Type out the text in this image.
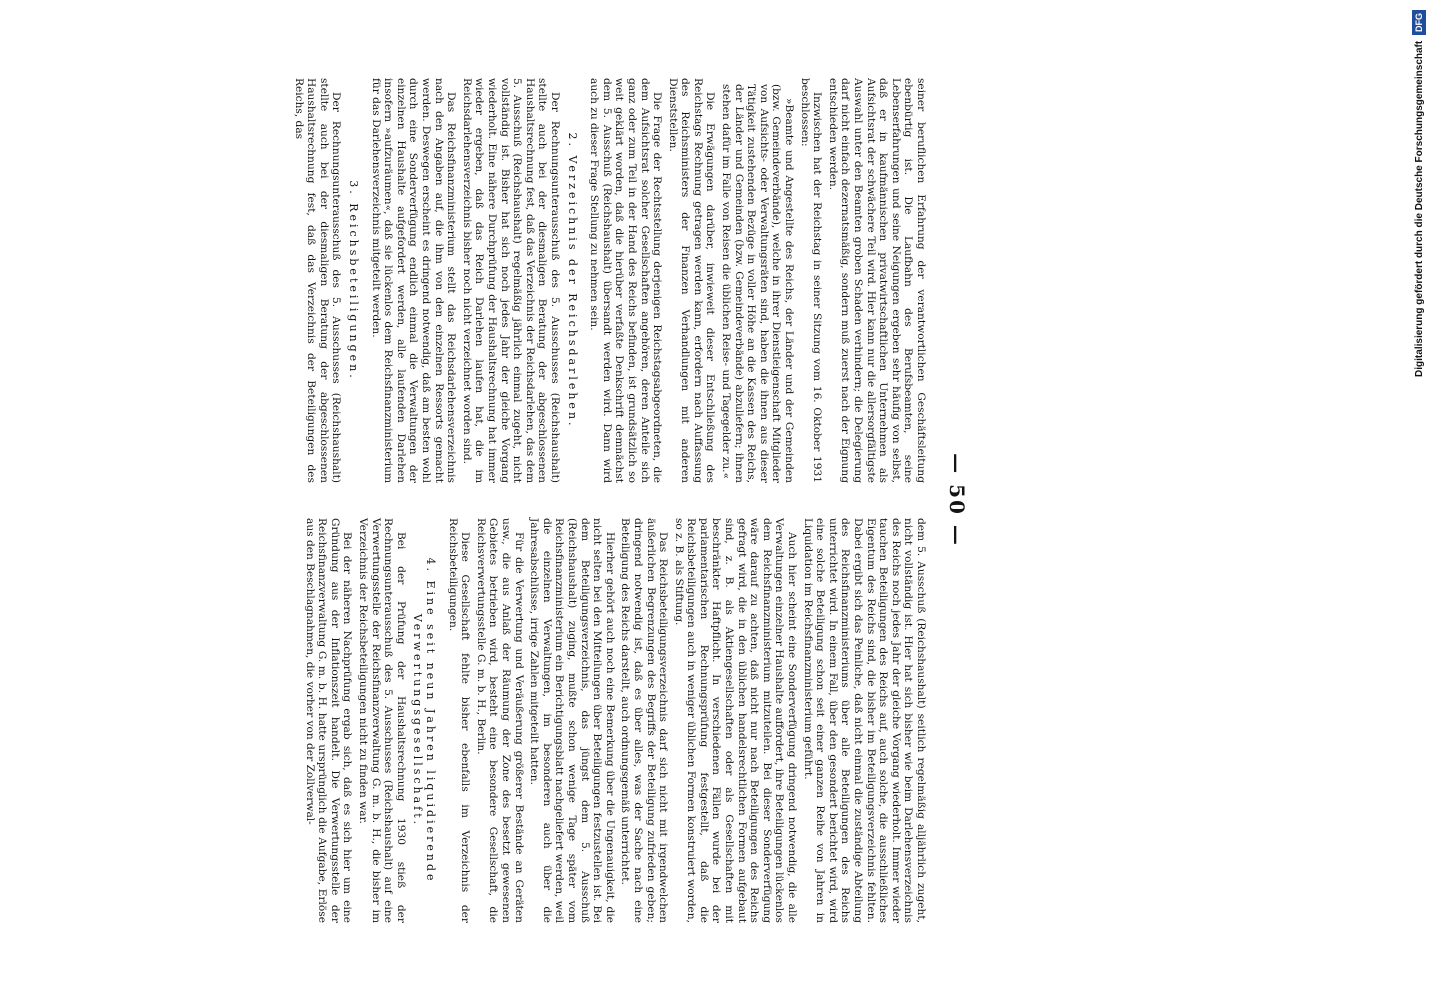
— 50 —

seiner beruflichen Erfahrung der verantwortlichen Geschäftsleitung ebenbürtig ist. Die Laufbahn des Berufsbeamten, seine Lebenserfahrungen und seine Neigungen ergeben sehr häufig von selbst, daß er in kaufmännischen privatwirtschaftlichen Unternehmen als Aufsichtsrat der schwächere Teil wird. Hier kann nur die allersorgfältigste Auswahl unter den Beamten groben Schaden verhindern; die Delegierung darf nicht einfach dezernatsmäßig, sondern muß zuerst nach der Eignung entschieden werden.

Inzwischen hat der Reichstag in seiner Sitzung vom 16. Oktober 1931 beschlossen:

»Beamte und Angestellte des Reichs, der Länder und der Gemeinden (bzw. Gemeindeverbände), welche in ihrer Dienstleigenschaft Mitglieder von Aufsichts- oder Verwaltungsräten sind, haben die ihnen aus dieser Tätigkeit zustehenden Bezüge in voller Höhe an die Kassen des Reichs, der Länder und Gemeinden (bzw. Gemeindeverbände) abzuliefern; ihnen stehen dafür im Falle von Reisen die üblichen Reise- und Tagegelder zu.«

Die Erwägungen darüber, inwieweit dieser Entschließung des Reichstags Rechnung getragen werden kann, erfordern nach Auffassung des Reichsministers der Finanzen Verhandlungen mit anderen Dienststellen.

Die Frage der Rechtsstellung derjenigen Reichstagsabgeordneten, die dem Aufsichtsrat solcher Gesellschaften angehören, deren Anteile sich ganz oder zum Teil in der Hand des Reichs befinden, ist grundsätzlich so weit geklärt worden, daß die hierüber verfaßte Denkschrift demnächst dem 5. Ausschuß (Reichshaushalt) übersandt werden wird. Dann wird auch zu dieser Frage Stellung zu nehmen sein.

2. Verzeichnis der Reichsdarlehen.

Der Rechnungsunterausschuß des 5. Ausschusses (Reichshaushalt) stellte auch bei der diesmaligen Beratung der abgeschlossenen Haushaltsrechnung fest, daß das Verzeichnis der Reichsdarlehen, das dem 5. Ausschuß (Reichshaushalt) regelmäßig jährlich einmal zugeht, nicht vollständig ist. Bisher hat sich noch jedes Jahr der gleiche Vorgang wiederholt. Eine nähere Durchprüfung der Haushaltsrechnung hat immer wieder ergeben, daß das Reich Darlehen laufen hat, die im Reichsdarlehensverzeichnis bisher noch nicht verzeichnet worden sind.

Das Reichsfinanzministerium stellt das Reichsdarlehensverzeichnis nach den Angaben auf, die ihm von den einzelnen Ressorts gemacht werden. Deswegen erscheint es dringend notwendig, daß am besten wohl durch eine Sonderverfügung endlich einmal die Verwaltungen der einzelnen Haushalte aufgefordert werden, alle laufenden Darlehen insofern »aufzuräumen«, daß sie lückenlos dem Reichsfinanzministerium für das Darlehensverzeichnis mitgeteilt werden.

3. Reichsbeteiligungen.

Der Rechnungsunterausschuß des 5. Ausschusses (Reichshaushalt) stellte auch bei der diesmaligen Beratung der abgeschlossenen Haushaltsrechnung fest, daß das Verzeichnis der Beteiligungen des Reichs, das

dem 5. Ausschuß (Reichshaushalt) seitlich regelmäßig alljährlich zugeht, nicht vollständig ist. Hier hat sich bisher wie beim Darlehensverzeichnis des Reichs noch jedes Jahr der gleiche Vorgang wiederholt. Immer wieder tauchen Beteiligungen des Reichs auf, auch solche, die ausschließliches Eigentum des Reichs sind, die bisher im Beteiligungsverzeichnis fehlten. Dabei ergibt sich das Peinliche, daß nicht einmal die zuständige Abteilung des Reichsfinanzministeriums über alle Beteiligungen des Reichs unterrichtet wird. In einem Fall, über den gesondert berichtet wird, wird eine solche Beteiligung schon seit einer ganzen Reihe von Jahren in Liquidation im Reichsfinanzministerium geführt.

Auch hier scheint eine Sonderverfügung dringend notwendig, die alle Verwaltungen einzelner Haushalte auffordert, ihre Beteiligungen lückenlos dem Reichsfinanzministerium mitzuteilen. Bei dieser Sonderverfügung wäre darauf zu achten, daß nicht nur nach Beteiligungen des Reichs gefragt wird, die in den üblichen handelsrechtlichen Formen aufgebaut sind, z. B. als Aktiengesellschaften oder als Gesellschaften mit beschränkter Haftpflicht. In verschiedenen Fällen wurde bei der parlamentarischen Rechnungsprüfung festgestellt, daß die Reichsbeteiligungen auch in weniger üblichen Formen konstruiert worden, so z. B. als Stiftung.

Das Reichsbeteiligungsverzeichnis darf sich nicht mit irgendwelchen äußerlichen Begrenzungen des Begriffs der Beteiligung zufrieden geben; dringend notwendig ist, daß es über alles, was der Sache nach eine Beteiligung des Reichs darstellt, auch ordnungsgemäß unterrichtet.

Hierher gehört auch noch eine Bemerkung über die Ungenauigkeit, die nicht selten bei den Mitteilungen über Beteiligungen festzustellen ist. Bei dem Beteiligungsverzeichnis, das jüngst dem 5. Ausschuß (Reichshaushalt) zuging, mußte schon wenige Tage später vom Reichsfinanzministerium ein Berichtigungsblatt nachgeliefert werden, weil die einzelnen Verwaltungen, im besonderen auch über die Jahresabschlüsse, irrige Zahlen mitgeteilt hatten.

Für die Verwertung und Veräußerung größerer Bestände an Geräten usw., die aus Anlaß der Räumung der Zone des besetzt gewesenen Gebietes betrieben wird, besteht eine besondere Gesellschaft, die Reichsverwertungsstelle G. m. b. H., Berlin.

Diese Gesellschaft fehlte bisher ebenfalls im Verzeichnis der Reichsbeteiligungen.

4. Eine seit neun Jahren liquidierende Verwertungsgesellschaft.

Bei der Prüfung der Haushaltsrechnung 1930 stieß der Rechnungsunterausschuß des 5. Ausschusses (Reichshaushalt) auf eine Verwertungsstelle der Reichsfinanzverwaltung G. m. b. H., die bisher im Verzeichnis der Reichsbeteiligungen nicht zu finden war.

Bei der näheren Nachprüfung ergab sich, daß es sich hier um eine Gründung aus der Inflationszeit handelt. Die Verwertungsstelle der Reichsfinanzverwaltung G. m. b. H. hatte ursprünglich die Aufgabe, Erlöse aus den Beschlagnahmen, die vorher von der Zollverwal-

Digitalisierung gefördert durch die Deutsche Forschungsgemeinschaft DFG
